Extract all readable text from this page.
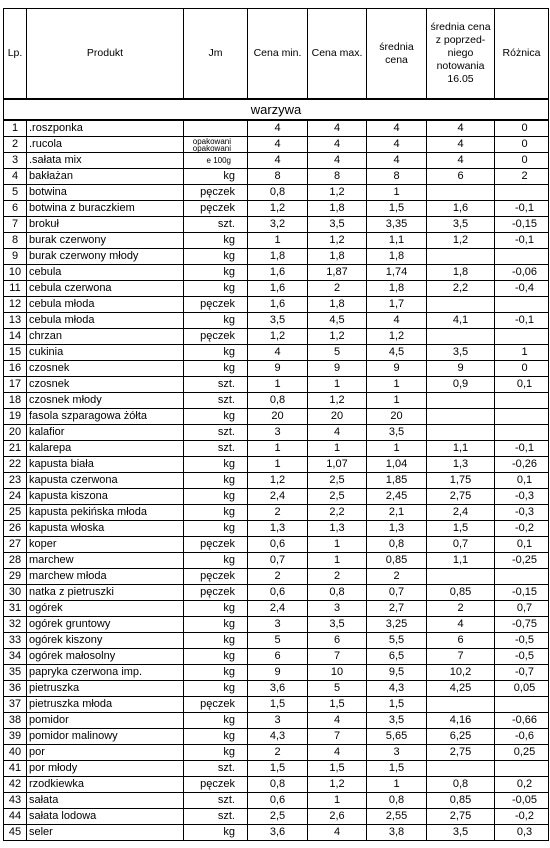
Lp.	Produkt	Jm	Cena min.	Cena max.	średnia cena	średnia cena z poprzed-niego notowania 16.05	Różnica
warzywa							
1	.roszponka		4	4	4	4	0
2	.rucola	opakowani opakowani	4	4	4	4	0
3	.sałata mix	e 100g	4	4	4	4	0
4	bakłażan	kg	8	8	8	6	2
5	botwina	pęczek	0,8	1,2	1		
6	botwina z buraczkiem	pęczek	1,2	1,8	1,5	1,6	-0,1
7	brokuł	szt.	3,2	3,5	3,35	3,5	-0,15
8	burak czerwony	kg	1	1,2	1,1	1,2	-0,1
9	burak czerwony młody	kg	1,8	1,8	1,8		
10	cebula	kg	1,6	1,87	1,74	1,8	-0,06
11	cebula czerwona	kg	1,6	2	1,8	2,2	-0,4
12	cebula młoda	pęczek	1,6	1,8	1,7		
13	cebula młoda	kg	3,5	4,5	4	4,1	-0,1
14	chrzan	pęczek	1,2	1,2	1,2		
15	cukinia	kg	4	5	4,5	3,5	1
16	czosnek	kg	9	9	9	9	0
17	czosnek	szt.	1	1	1	0,9	0,1
18	czosnek młody	szt.	0,8	1,2	1		
19	fasola szparagowa żółta	kg	20	20	20		
20	kalafior	szt.	3	4	3,5		
21	kalarepa	szt.	1	1	1	1,1	-0,1
22	kapusta biała	kg	1	1,07	1,04	1,3	-0,26
23	kapusta czerwona	kg	1,2	2,5	1,85	1,75	0,1
24	kapusta kiszona	kg	2,4	2,5	2,45	2,75	-0,3
25	kapusta pekińska młoda	kg	2	2,2	2,1	2,4	-0,3
26	kapusta włoska	kg	1,3	1,3	1,3	1,5	-0,2
27	koper	pęczek	0,6	1	0,8	0,7	0,1
28	marchew	kg	0,7	1	0,85	1,1	-0,25
29	marchew młoda	pęczek	2	2	2		
30	natka z pietruszki	pęczek	0,6	0,8	0,7	0,85	-0,15
31	ogórek	kg	2,4	3	2,7	2	0,7
32	ogórek gruntowy	kg	3	3,5	3,25	4	-0,75
33	ogórek kiszony	kg	5	6	5,5	6	-0,5
34	ogórek małosolny	kg	6	7	6,5	7	-0,5
35	papryka czerwona imp.	kg	9	10	9,5	10,2	-0,7
36	pietruszka	kg	3,6	5	4,3	4,25	0,05
37	pietruszka młoda	pęczek	1,5	1,5	1,5		
38	pomidor	kg	3	4	3,5	4,16	-0,66
39	pomidor malinowy	kg	4,3	7	5,65	6,25	-0,6
40	por	kg	2	4	3	2,75	0,25
41	por młody	szt.	1,5	1,5	1,5		
42	rzodkiewka	pęczek	0,8	1,2	1	0,8	0,2
43	sałata	szt.	0,6	1	0,8	0,85	-0,05
44	sałata lodowa	szt.	2,5	2,6	2,55	2,75	-0,2
45	seler	kg	3,6	4	3,8	3,5	0,3
